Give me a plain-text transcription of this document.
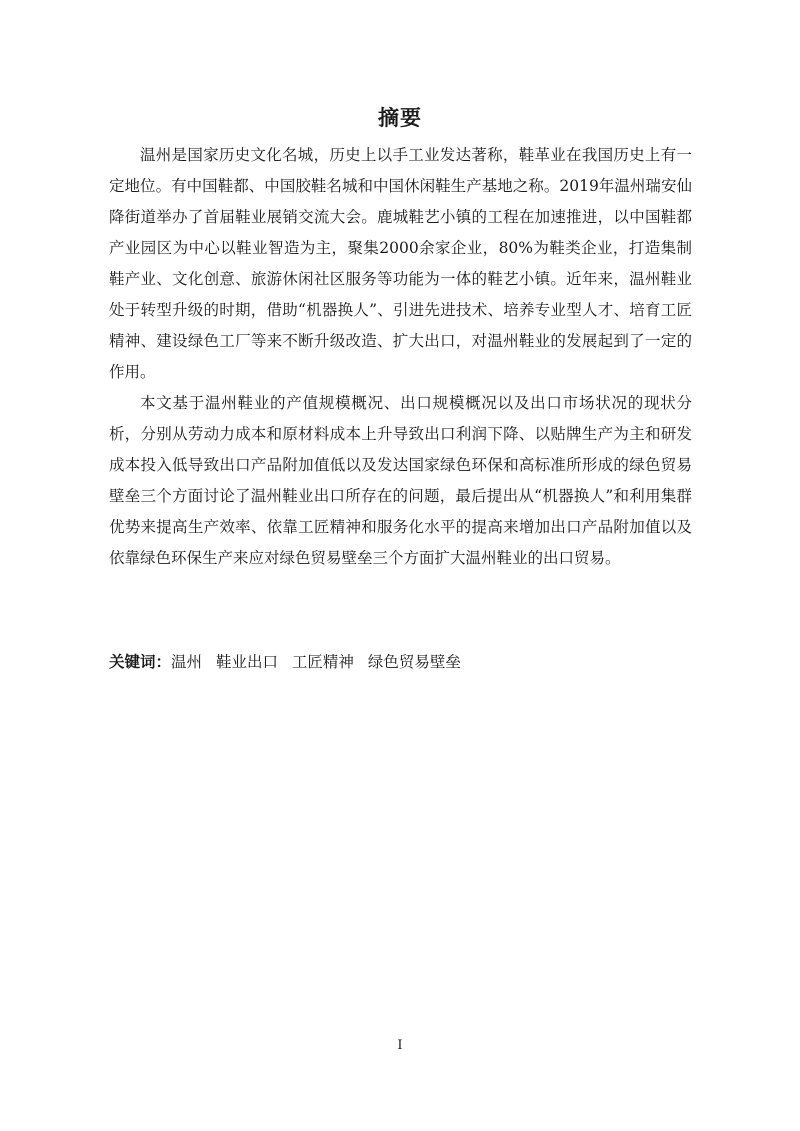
摘要

温州是国家历史文化名城，历史上以手工业发达著称，鞋革业在我国历史上有一定地位。有中国鞋都、中国胶鞋名城和中国休闲鞋生产基地之称。2019年温州瑞安仙降街道举办了首届鞋业展销交流大会。鹿城鞋艺小镇的工程在加速推进，以中国鞋都产业园区为中心以鞋业智造为主，聚集2000余家企业，80%为鞋类企业，打造集制鞋产业、文化创意、旅游休闲社区服务等功能为一体的鞋艺小镇。近年来，温州鞋业处于转型升级的时期，借助“机器换人”、引进先进技术、培养专业型人才、培育工匠精神、建设绿色工厂等来不断升级改造、扩大出口，对温州鞋业的发展起到了一定的作用。

本文基于温州鞋业的产值规模概况、出口规模概况以及出口市场状况的现状分析，分别从劳动力成本和原材料成本上升导致出口利润下降、以贴牌生产为主和研发成本投入低导致出口产品附加值低以及发达国家绿色环保和高标准所形成的绿色贸易壁垒三个方面讨论了温州鞋业出口所存在的问题，最后提出从“机器换人”和利用集群优势来提高生产效率、依靠工匠精神和服务化水平的提高来增加出口产品附加值以及依靠绿色环保生产来应对绿色贸易壁垒三个方面扩大温州鞋业的出口贸易。

关键词：温州 鞋业出口 工匠精神 绿色贸易壁垒
I
